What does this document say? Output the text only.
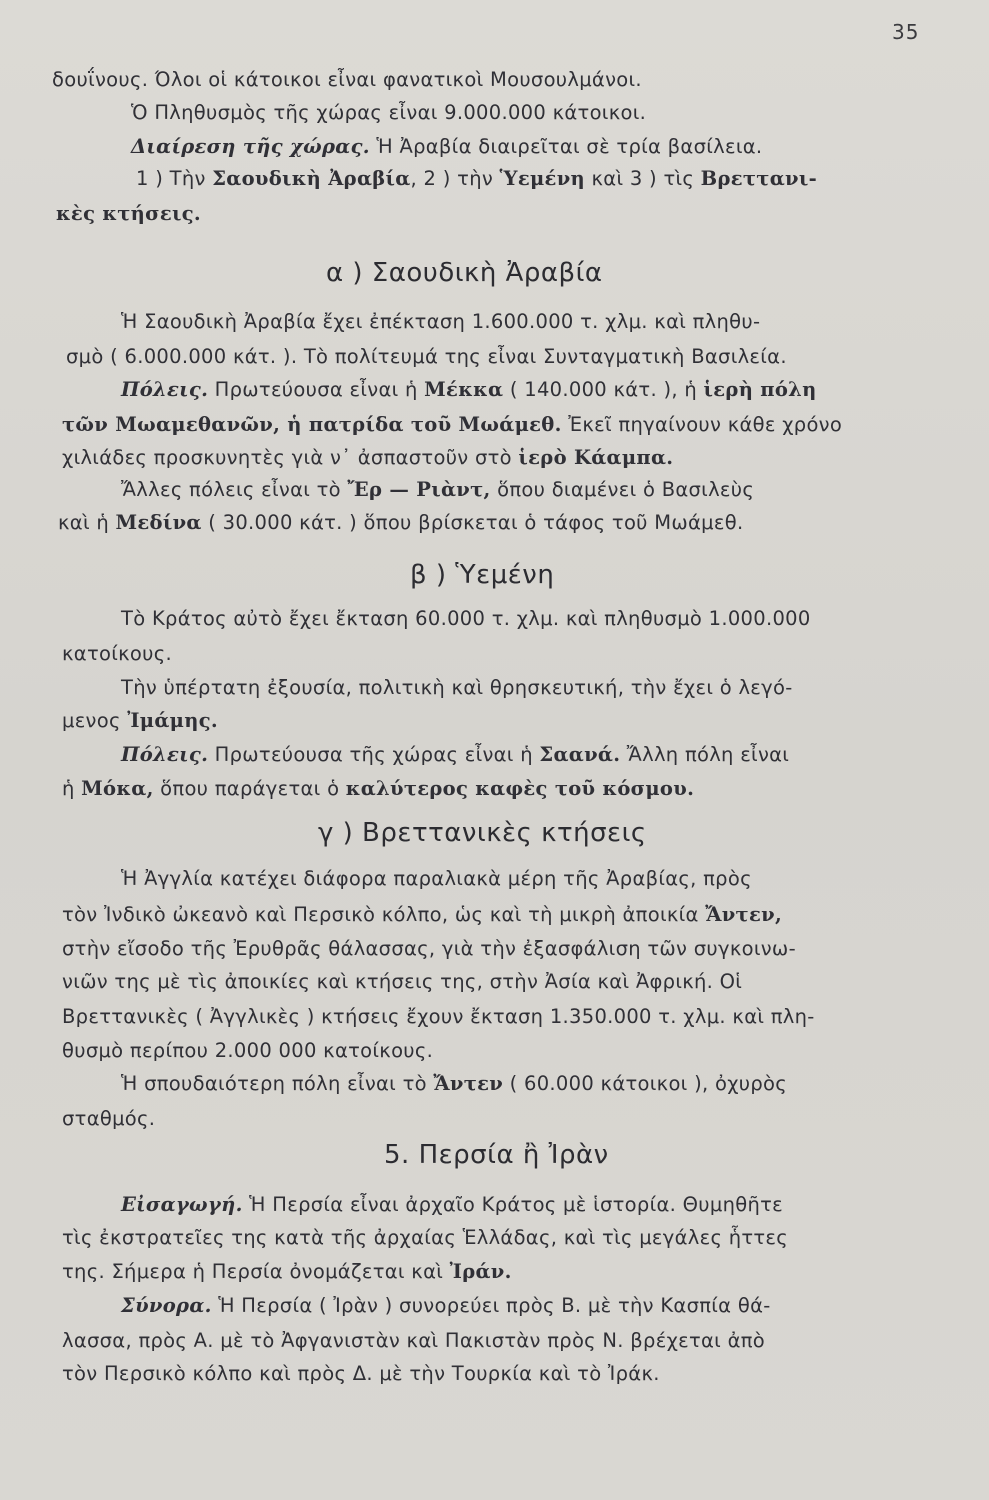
35
δουΐνους. Όλοι οἱ κάτοικοι εἶναι φανατικοὶ Μουσουλμάνοι.
Ὁ Πληθυσμὸς τῆς χώρας εἶναι 9.000.000 κάτοικοι.
Διαίρεση τῆς χώρας. Ἡ Ἀραβία διαιρεῖται σὲ τρία βασίλεια.
1 ) Τὴν Σαουδικὴ Ἀραβία, 2 ) τὴν Ὑεμένη καὶ 3 ) τὶς Βρεττανι-
κὲς κτήσεις.
α ) Σαουδικὴ Ἀραβία
Ἡ Σαουδικὴ Ἀραβία ἔχει ἐπέκταση 1.600.000 τ. χλμ. καὶ πληθυ-
σμὸ ( 6.000.000 κάτ. ). Τὸ πολίτευμά της εἶναι Συνταγματικὴ Βασιλεία.
Πόλεις. Πρωτεύουσα εἶναι ἡ Μέκκα ( 140.000 κάτ. ), ἡ ἱερὴ πόλη
τῶν Μωαμεθανῶν, ἡ πατρίδα τοῦ Μωάμεθ. Ἐκεῖ πηγαίνουν κάθε χρόνο
χιλιάδες προσκυνητὲς γιὰ ν᾽ ἀσπαστοῦν στὸ ἱερὸ Κάαμπα.
Ἄλλες πόλεις εἶναι τὸ Ἔρ — Ριὰντ, ὅπου διαμένει ὁ Βασιλεὺς
καὶ ἡ Μεδίνα ( 30.000 κάτ. ) ὅπου βρίσκεται ὁ τάφος τοῦ Μωάμεθ.
β ) Ὑεμένη
Τὸ Κράτος αὐτὸ ἔχει ἔκταση 60.000 τ. χλμ. καὶ πληθυσμὸ 1.000.000
κατοίκους.
Τὴν ὑπέρτατη ἐξουσία, πολιτικὴ καὶ θρησκευτική, τὴν ἔχει ὁ λεγό-
μενος Ἰμάμης.
Πόλεις. Πρωτεύουσα τῆς χώρας εἶναι ἡ Σαανά. Ἄλλη πόλη εἶναι
ἡ Μόκα, ὅπου παράγεται ὁ καλύτερος καφὲς τοῦ κόσμου.
γ ) Βρεττανικὲς κτήσεις
Ἡ Ἀγγλία κατέχει διάφορα παραλιακὰ μέρη τῆς Ἀραβίας, πρὸς
τὸν Ἰνδικὸ ὠκεανὸ καὶ Περσικὸ κόλπο, ὡς καὶ τὴ μικρὴ ἀποικία Ἄντεν,
στὴν εἴσοδο τῆς Ἐρυθρᾶς θάλασσας, γιὰ τὴν ἐξασφάλιση τῶν συγκοινω-
νιῶν της μὲ τὶς ἀποικίες καὶ κτήσεις της, στὴν Ἀσία καὶ Ἀφρική. Οἱ
Βρεττανικὲς ( Ἀγγλικὲς ) κτήσεις ἔχουν ἔκταση 1.350.000 τ. χλμ. καὶ πλη-
θυσμὸ περίπου 2.000 000 κατοίκους.
Ἡ σπουδαιότερη πόλη εἶναι τὸ Ἄντεν ( 60.000 κάτοικοι ), ὀχυρὸς
σταθμός.
5. Περσία ἢ Ἰρὰν
Εἰσαγωγή. Ἡ Περσία εἶναι ἀρχαῖο Κράτος μὲ ἱστορία. Θυμηθῆτε
τὶς ἐκστρατεῖες της κατὰ τῆς ἀρχαίας Ἑλλάδας, καὶ τὶς μεγάλες ἧττες
της. Σήμερα ἡ Περσία ὀνομάζεται καὶ Ἰράν.
Σύνορα. Ἡ Περσία ( Ἰρὰν ) συνορεύει πρὸς Β. μὲ τὴν Κασπία θά-
λασσα, πρὸς Α. μὲ τὸ Ἀφγανιστὰν καὶ Πακιστὰν πρὸς Ν. βρέχεται ἀπὸ
τὸν Περσικὸ κόλπο καὶ πρὸς Δ. μὲ τὴν Τουρκία καὶ τὸ Ἰράκ.
